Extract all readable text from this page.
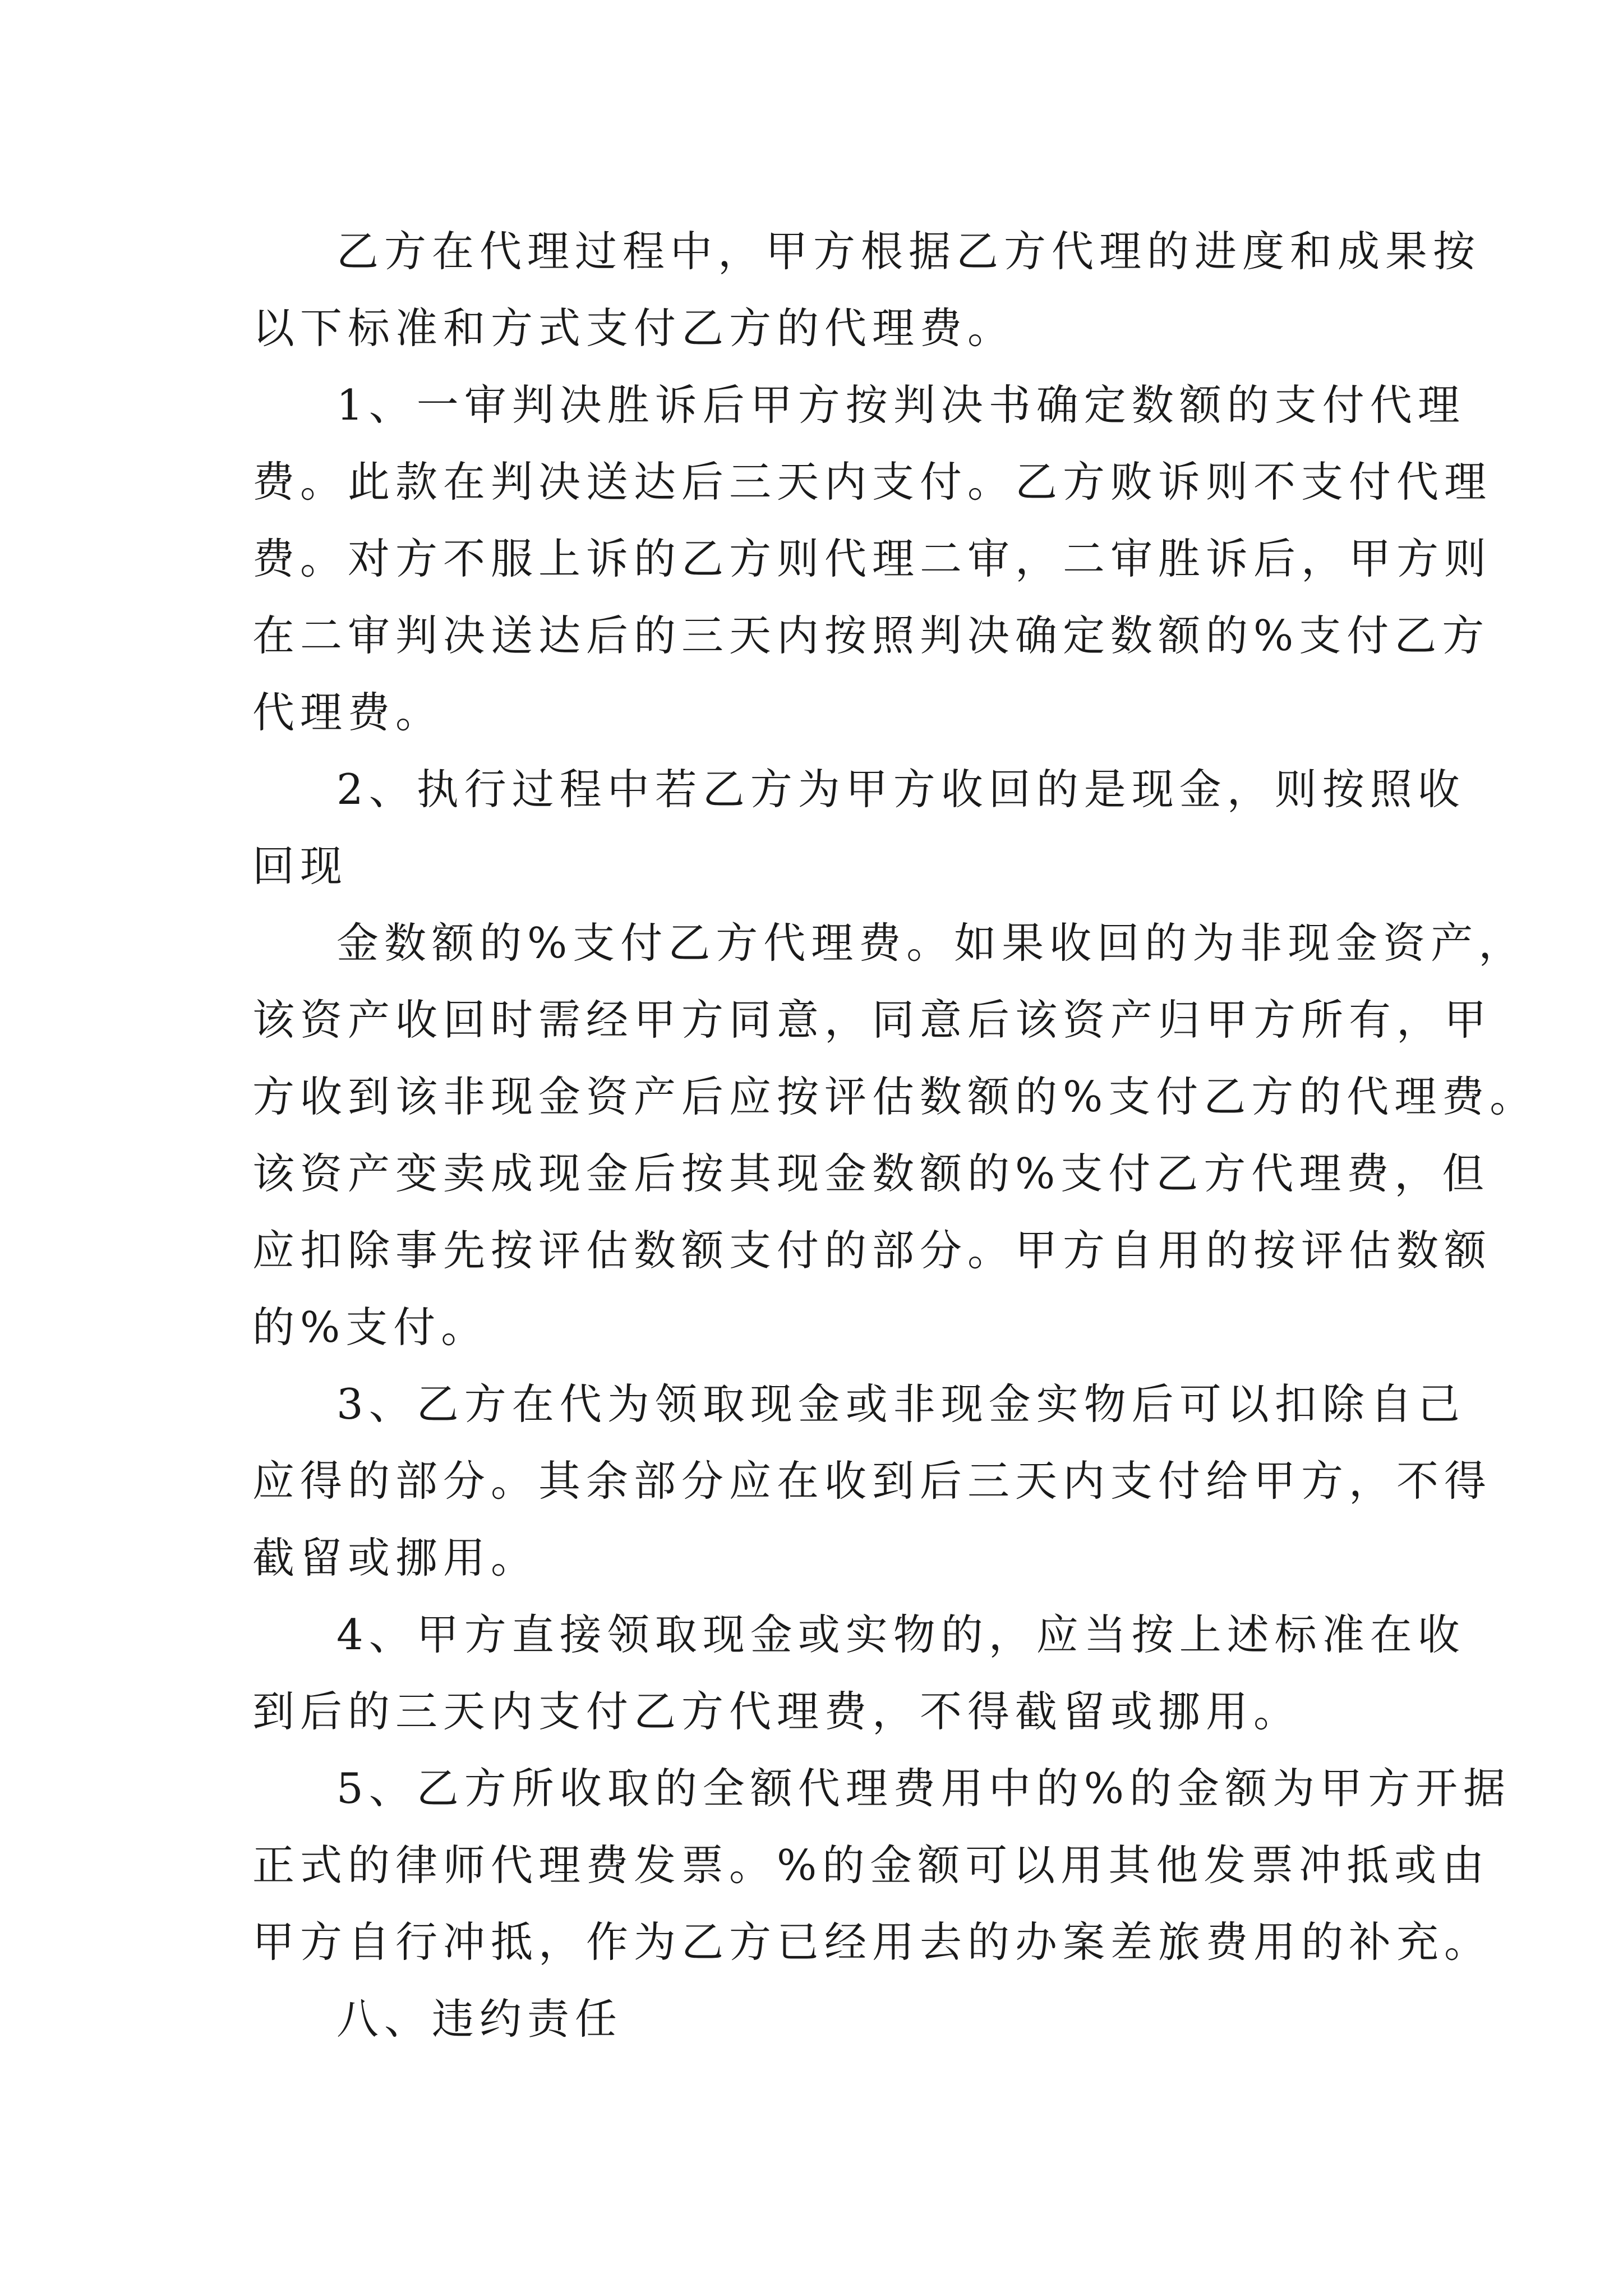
乙方在代理过程中，甲方根据乙方代理的进度和成果按
以下标准和方式支付乙方的代理费。
1、一审判决胜诉后甲方按判决书确定数额的支付代理
费。此款在判决送达后三天内支付。乙方败诉则不支付代理
费。对方不服上诉的乙方则代理二审，二审胜诉后，甲方则
在二审判决送达后的三天内按照判决确定数额的%支付乙方
代理费。
2、执行过程中若乙方为甲方收回的是现金，则按照收
回现
金数额的%支付乙方代理费。如果收回的为非现金资产，
该资产收回时需经甲方同意，同意后该资产归甲方所有，甲
方收到该非现金资产后应按评估数额的%支付乙方的代理费。
该资产变卖成现金后按其现金数额的%支付乙方代理费，但
应扣除事先按评估数额支付的部分。甲方自用的按评估数额
的%支付。
3、乙方在代为领取现金或非现金实物后可以扣除自己
应得的部分。其余部分应在收到后三天内支付给甲方，不得
截留或挪用。
4、甲方直接领取现金或实物的，应当按上述标准在收
到后的三天内支付乙方代理费，不得截留或挪用。
5、乙方所收取的全额代理费用中的%的金额为甲方开据
正式的律师代理费发票。%的金额可以用其他发票冲抵或由
甲方自行冲抵，作为乙方已经用去的办案差旅费用的补充。
八、违约责任
